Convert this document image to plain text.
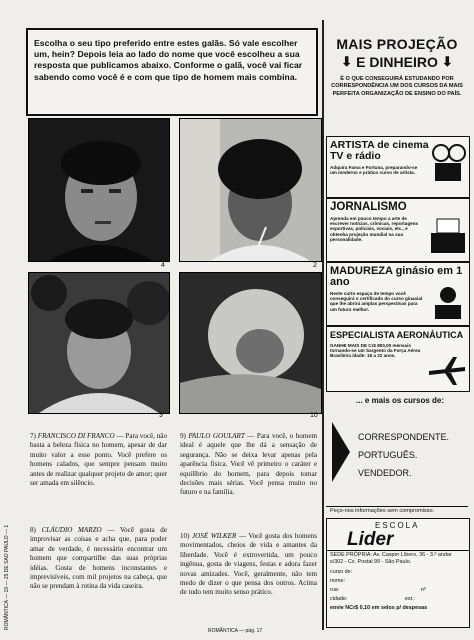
Escolha o seu tipo preferido entre estes galãs. Só vale escolher um, hein? Depois leia ao lado do nome que você escolheu a sua resposta que publicamos abaixo. Conforme o galã, você vai ficar sabendo como você é e com que tipo de homem mais combina.
4	2
9	10
7) FRANCISCO DI FRANCO — Para você, não basta a beleza física no homem, apesar de dar muito valor a esse ponto. Você prefere os homens calados, que sempre pensam muito antes de realizar qualquer projeto de amor; quer ser amada em silêncio.
8) CLÁUDIO MARZO — Você gosta de improvisar as coisas e acha que, para poder amar de verdade, é necessário encontrar um homem que compartilhe das suas próprias idéias. Gosta de homens inconstantes e imprevisíveis, com mil projetos na cabeça, que não se prendam à rotina da vida caseira.
9) PAULO GOULART — Para você, o homem ideal é aquele que lhe dá a sensação de segurança. Não se deixa levar apenas pela aparência física. Você vê primeiro o caráter e equilíbrio do homem, para depois tomar decisões mais sérias. Você pensa muito no futuro e na família.
10) JOSÉ WILKER — Você gosta dos homens movimentados, cheios de vida e amantes da liberdade. Você é extrovertida, um pouco ingênua, gosta de viagens, festas e adora fazer novas amizades. Você, geralmente, não tem medo de dizer o que pensa dos outros. Acima de tudo tem muito senso prático.
ROMÂNTICA — 19 — 25 DE SAO PAULO — 1
ROMÂNTICA — pág. 17
MAIS PROJEÇÃO
⬇ E DINHEIRO ⬇
É O QUE CONSEGUIRÁ ESTUDANDO POR CORRESPONDÊNCIA UM DOS CURSOS DA MAIS PERFEITA ORGANIZAÇÃO DE ENSINO DO PAÍS.
ARTISTA de cinema TV e rádio
Adquira Fama e Fortuna, preparando-se um moderno e prático curso de artista.
JORNALISMO
Aprenda em pouco tempo a arte de escrever notícias, crônicas, reportagens esportivas, policiais, sociais, etc., e obtenha projeção mundial na sua personalidade.
MADUREZA ginásio em 1 ano
Neste curto espaço de tempo você conseguirá o certificado do curso ginasial que lhe abrirá amplas perspectivas para um futuro melhor.
ESPECIALISTA AERONÁUTICA
GANHE MAIS DE Cr$ 800,00 mensais tornando-se um Sargento da Força Aérea Brasileira idade: 16 a 22 anos.
... e mais os cursos de:
CORRESPONDENTE.
PORTUGUÊS.
VENDEDOR.
Peço-nos informações sem compromisso.
ESCOLA
Lider
SEDE PRÓPRIA: Av. Casper Líbero, 36 - 3.º andar s/302 - Cx. Postal 99 - São Paulo.
curso de:
nome:
rua:	nº
cidade:	est.:
envie NCr$ 0,10 em selos p/ despesas
